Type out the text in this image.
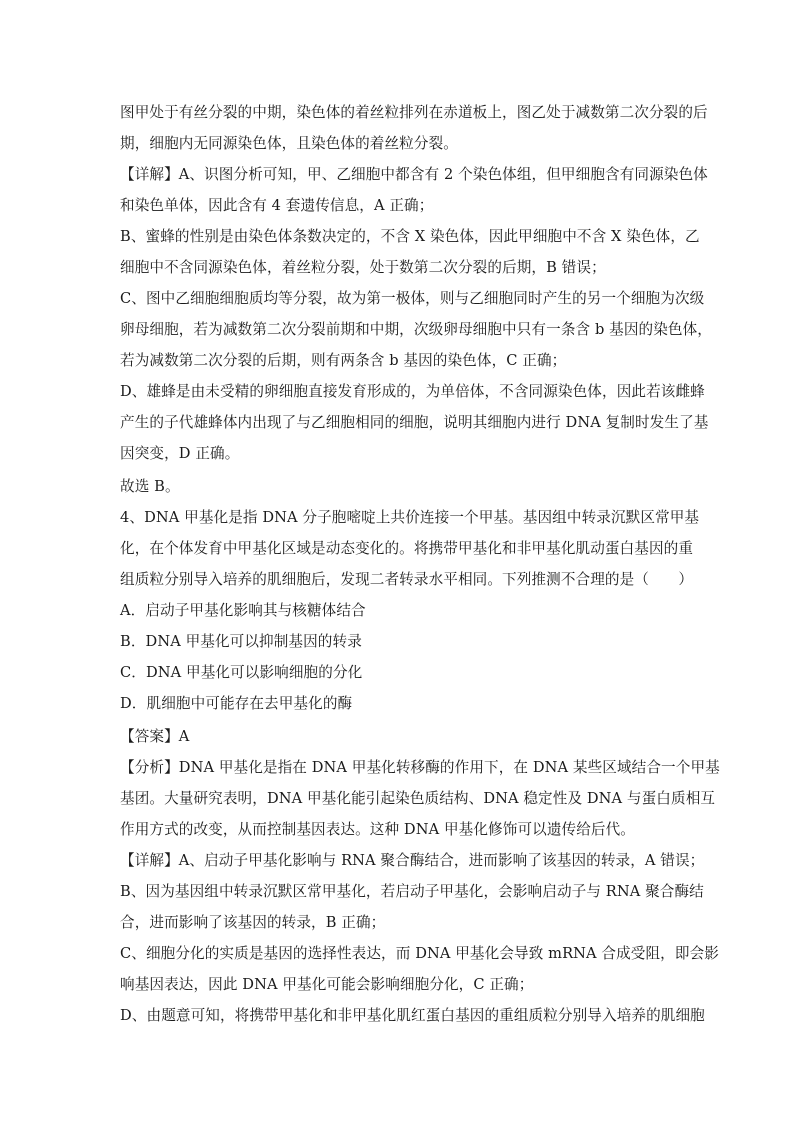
图甲处于有丝分裂的中期，染色体的着丝粒排列在赤道板上，图乙处于减数第二次分裂的后
期，细胞内无同源染色体，且染色体的着丝粒分裂。
【详解】A、识图分析可知，甲、乙细胞中都含有 2 个染色体组，但甲细胞含有同源染色体
和染色单体，因此含有 4 套遗传信息，A 正确；
B、蜜蜂的性别是由染色体条数决定的，不含 X 染色体，因此甲细胞中不含 X 染色体，乙
细胞中不含同源染色体，着丝粒分裂，处于数第二次分裂的后期，B 错误；
C、图中乙细胞细胞质均等分裂，故为第一极体，则与乙细胞同时产生的另一个细胞为次级
卵母细胞，若为减数第二次分裂前期和中期，次级卵母细胞中只有一条含 b 基因的染色体，
若为减数第二次分裂的后期，则有两条含 b 基因的染色体，C 正确；
D、雄蜂是由未受精的卵细胞直接发育形成的，为单倍体，不含同源染色体，因此若该雌蜂
产生的子代雄蜂体内出现了与乙细胞相同的细胞，说明其细胞内进行 DNA 复制时发生了基
因突变，D 正确。
故选 B。
4、DNA 甲基化是指 DNA 分子胞嘧啶上共价连接一个甲基。基因组中转录沉默区常甲基
化，在个体发育中甲基化区域是动态变化的。将携带甲基化和非甲基化肌动蛋白基因的重
组质粒分别导入培养的肌细胞后，发现二者转录水平相同。下列推测不合理的是（　　）
A．启动子甲基化影响其与核糖体结合
B．DNA 甲基化可以抑制基因的转录
C．DNA 甲基化可以影响细胞的分化
D．肌细胞中可能存在去甲基化的酶
【答案】A
【分析】DNA 甲基化是指在 DNA 甲基化转移酶的作用下，在 DNA 某些区域结合一个甲基
基团。大量研究表明，DNA 甲基化能引起染色质结构、DNA 稳定性及 DNA 与蛋白质相互
作用方式的改变，从而控制基因表达。这种 DNA 甲基化修饰可以遗传给后代。
【详解】A、启动子甲基化影响与 RNA 聚合酶结合，进而影响了该基因的转录，A 错误；
B、因为基因组中转录沉默区常甲基化，若启动子甲基化，会影响启动子与 RNA 聚合酶结
合，进而影响了该基因的转录，B 正确；
C、细胞分化的实质是基因的选择性表达，而 DNA 甲基化会导致 mRNA 合成受阻，即会影
响基因表达，因此 DNA 甲基化可能会影响细胞分化，C 正确；
D、由题意可知，将携带甲基化和非甲基化肌红蛋白基因的重组质粒分别导入培养的肌细胞
